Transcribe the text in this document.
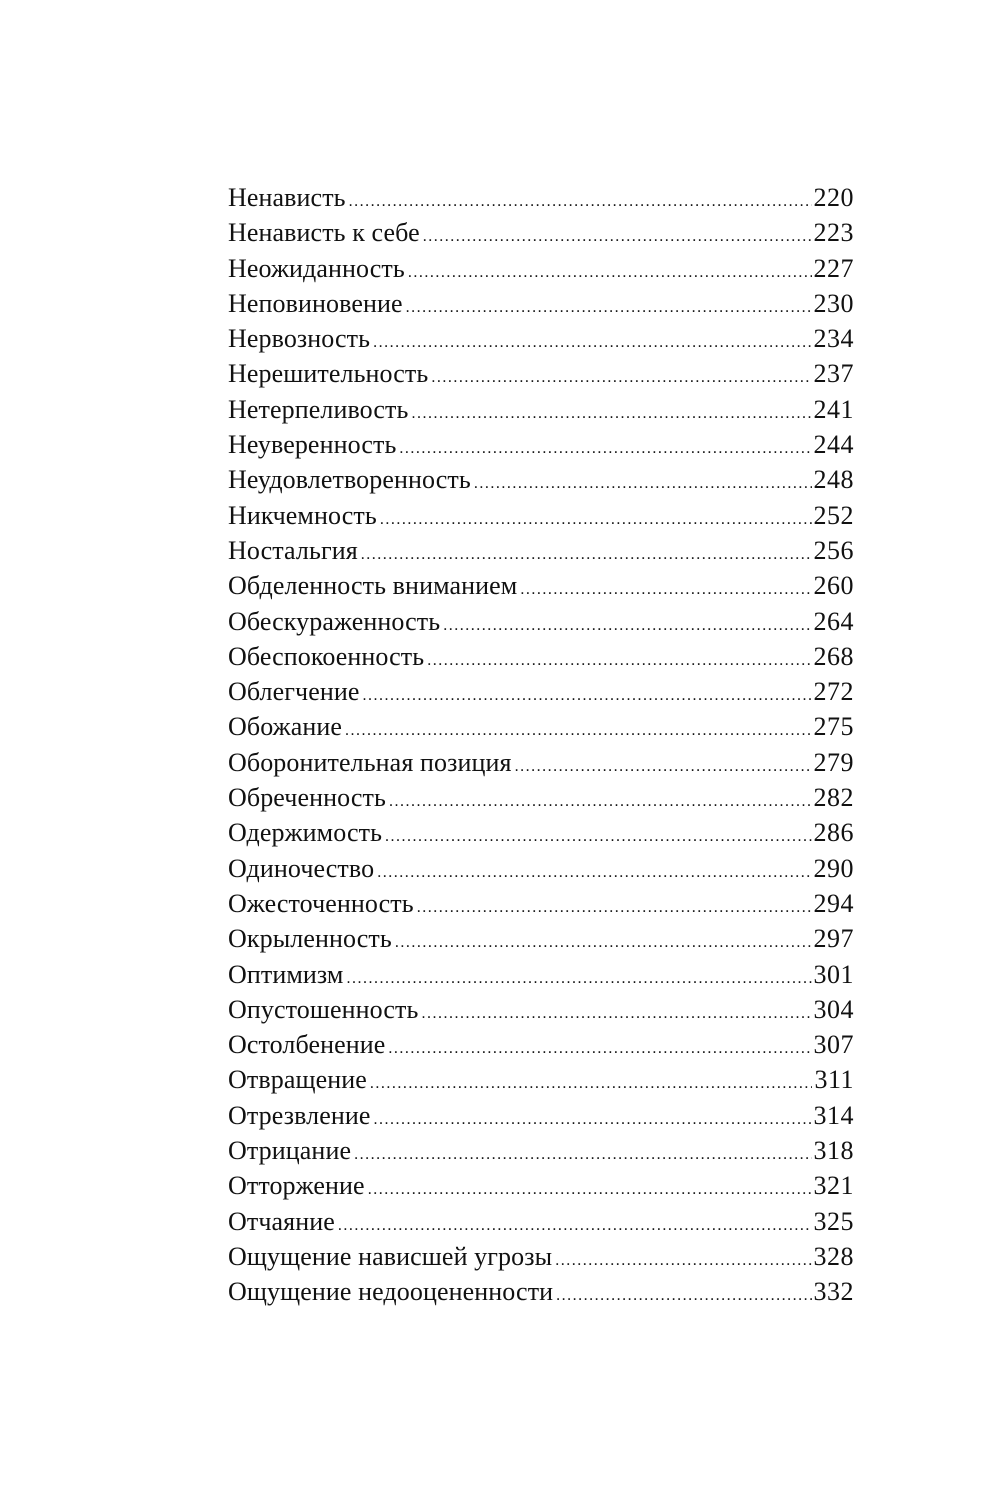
Ненависть .....	220
Ненависть к себе .....	223
Неожиданность .....	227
Неповиновение .....	230
Нервозность .....	234
Нерешительность .....	237
Нетерпеливость .....	241
Неуверенность .....	244
Неудовлетворенность .....	248
Никчемность .....	252
Ностальгия .....	256
Обделенность вниманием .....	260
Обескураженность .....	264
Обеспокоенность .....	268
Облегчение .....	272
Обожание .....	275
Оборонительная позиция .....	279
Обреченность .....	282
Одержимость .....	286
Одиночество .....	290
Ожесточенность .....	294
Окрыленность .....	297
Оптимизм .....	301
Опустошенность .....	304
Остолбенение .....	307
Отвращение .....	311
Отрезвление .....	314
Отрицание .....	318
Отторжение .....	321
Отчаяние .....	325
Ощущение нависшей угрозы .....	328
Ощущение недооцененности .....	332
